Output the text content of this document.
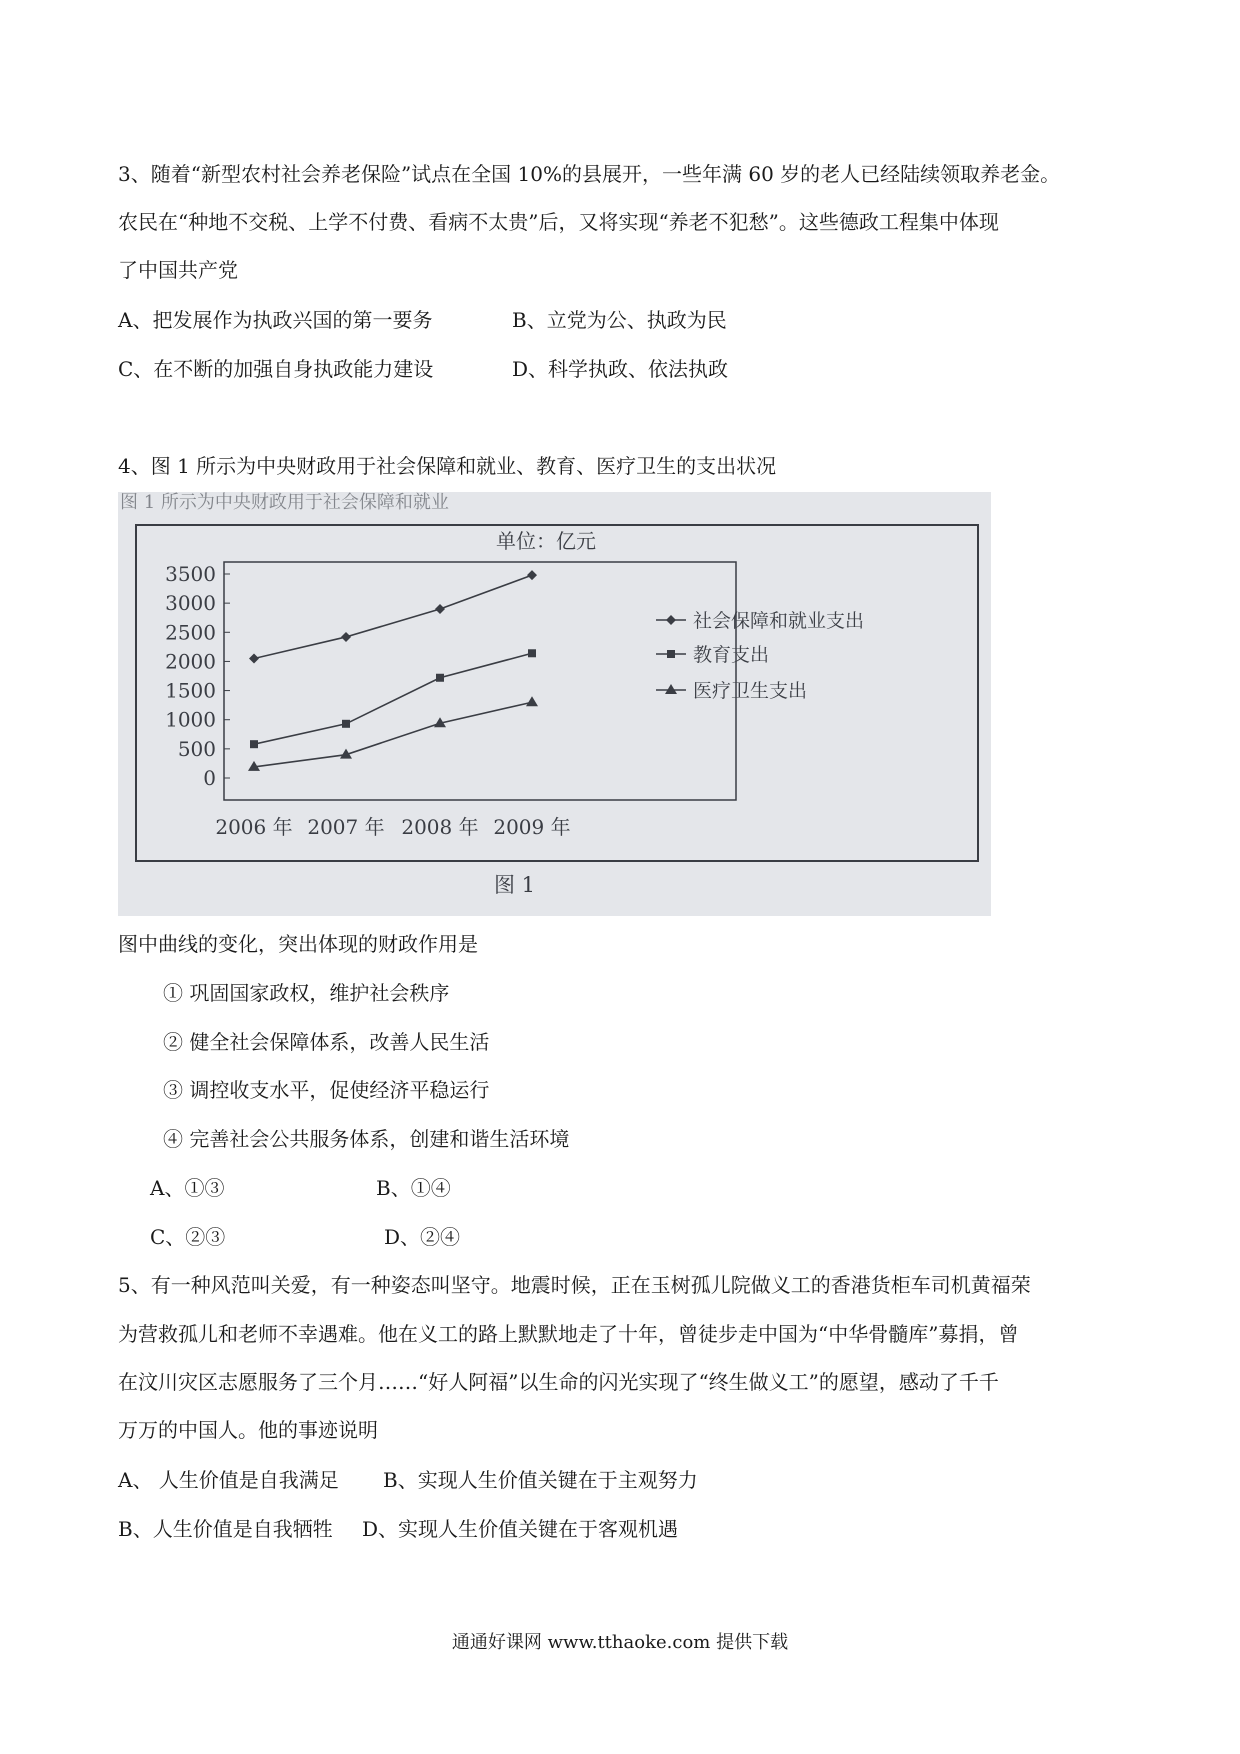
3、随着“新型农村社会养老保险”试点在全国 10%的县展开，一些年满 60 岁的老人已经陆续领取养老金。
农民在“种地不交税、上学不付费、看病不太贵”后，又将实现“养老不犯愁”。这些德政工程集中体现
了中国共产党
A、把发展作为执政兴国的第一要务	B、立党为公、执政为民
C、在不断的加强自身执政能力建设	D、科学执政、依法执政
4、图 1 所示为中央财政用于社会保障和就业、教育、医疗卫生的支出状况
图 1 所示为中央财政用于社会保障和就业
单位：亿元
3500
3000
2500
2000
1500
1000
500
0
2006 年 2007 年 2008 年 2009 年
社会保障和就业支出
教育支出
医疗卫生支出
图 1
图中曲线的变化，突出体现的财政作用是
① 巩固国家政权，维护社会秩序
② 健全社会保障体系，改善人民生活
③ 调控收支水平，促使经济平稳运行
④ 完善社会公共服务体系，创建和谐生活环境
A、①③	B、①④
C、②③	D、②④
5、有一种风范叫关爱，有一种姿态叫坚守。地震时候，正在玉树孤儿院做义工的香港货柜车司机黄福荣
为营救孤儿和老师不幸遇难。他在义工的路上默默地走了十年，曾徒步走中国为“中华骨髓库”募捐，曾
在汶川灾区志愿服务了三个月……“好人阿福”以生命的闪光实现了“终生做义工”的愿望，感动了千千
万万的中国人。他的事迹说明
A、 人生价值是自我满足 B、实现人生价值关键在于主观努力
B、人生价值是自我牺牲 D、实现人生价值关键在于客观机遇
通通好课网 www.tthaoke.com 提供下载
